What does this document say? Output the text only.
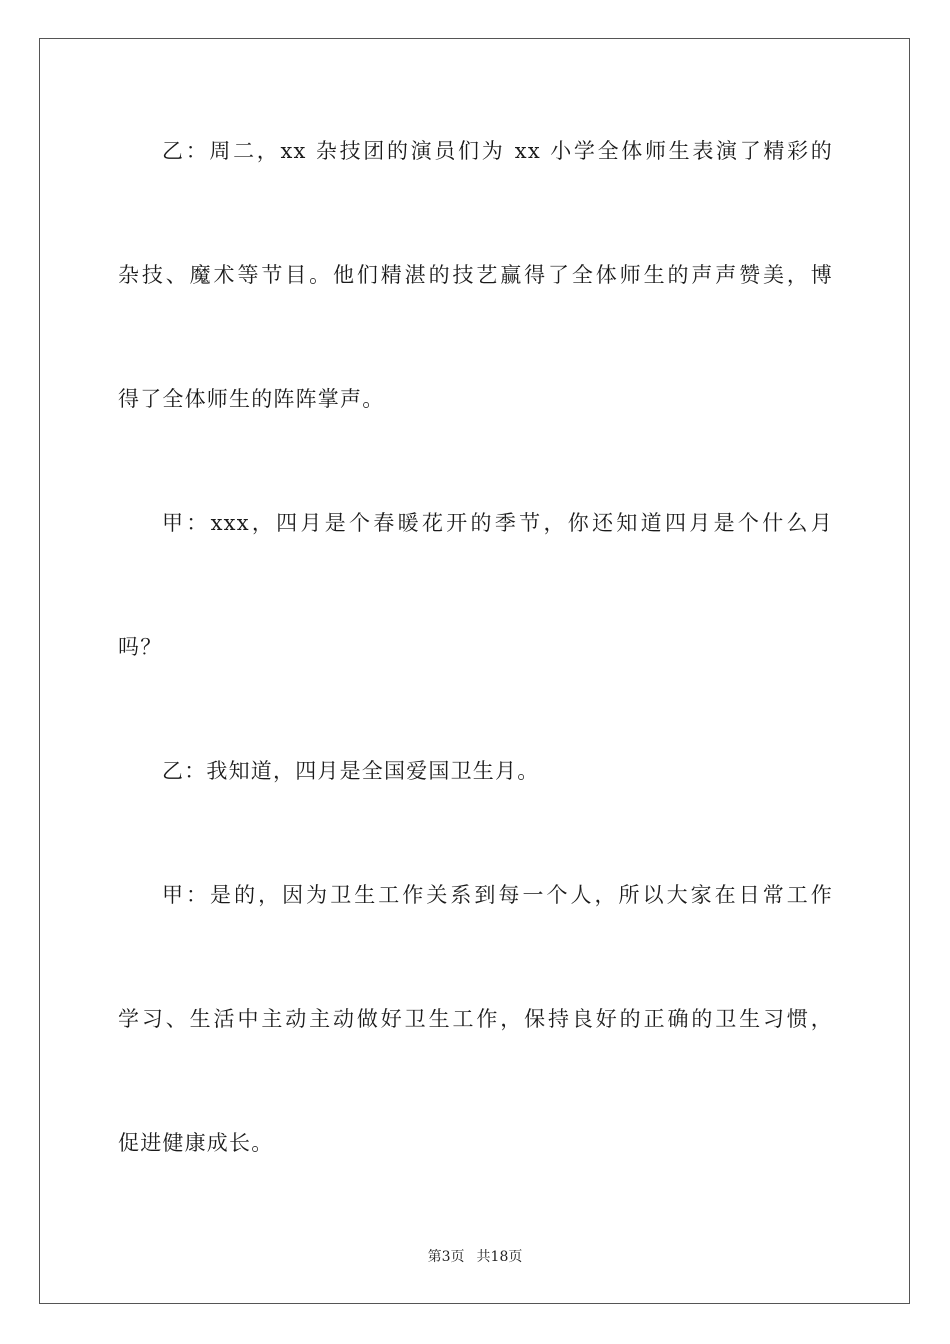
乙：周二，xx 杂技团的演员们为 xx 小学全体师生表演了精彩的
杂技、魔术等节目。他们精湛的技艺赢得了全体师生的声声赞美，博
得了全体师生的阵阵掌声。
甲：xxx，四月是个春暖花开的季节，你还知道四月是个什么月
吗？
乙：我知道，四月是全国爱国卫生月。
甲：是的，因为卫生工作关系到每一个人，所以大家在日常工作
学习、生活中主动主动做好卫生工作，保持良好的正确的卫生习惯，
促进健康成长。
第3页 共18页
